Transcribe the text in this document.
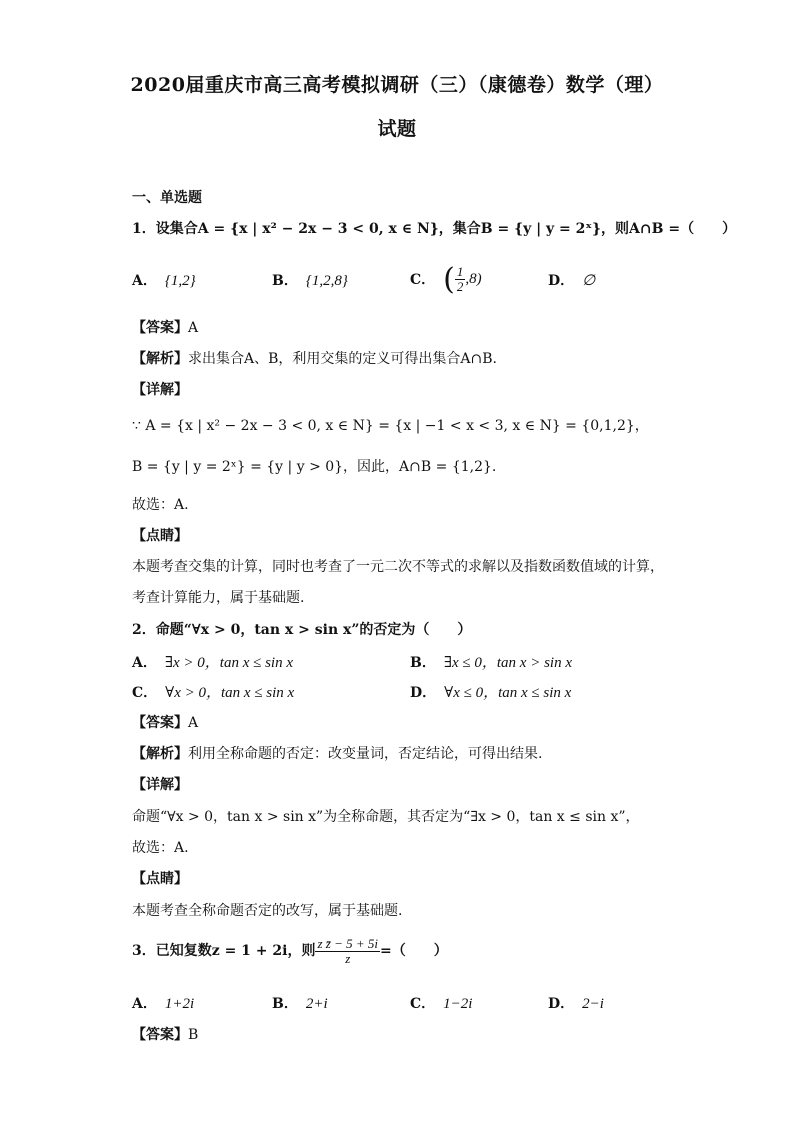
2020届重庆市高三高考模拟调研（三）（康德卷）数学（理）
试题
一、单选题
1．设集合A = {x | x² − 2x − 3 < 0, x ∈ N}，集合B = {y | y = 2ˣ}，则A∩B =（　　）
A． {1,2}	B． {1,2,8}	C． ( $\frac{1}{2} ,8$)	D． ∅
【答案】A
【解析】求出集合A、B，利用交集的定义可得出集合A∩B.
【详解】
∵ A = {x | x² − 2x − 3 < 0, x ∈ N} = {x | −1 < x < 3, x ∈ N} = {0,1,2}，
B = {y | y = 2ˣ} = {y | y > 0}，因此，A∩B = {1,2}.
故选：A.
【点睛】
本题考查交集的计算，同时也考查了一元二次不等式的求解以及指数函数值域的计算，
考查计算能力，属于基础题.
2．命题“∀x > 0，tan x > sin x”的否定为（　　）
A． ∃x > 0，tan x ≤ sin x	B． ∃x ≤ 0，tan x > sin x
C． ∀x > 0，tan x ≤ sin x	D． ∀x ≤ 0，tan x ≤ sin x
【答案】A
【解析】利用全称命题的否定：改变量词，否定结论，可得出结果.
【详解】
命题“∀x > 0，tan x > sin x”为全称命题，其否定为“∃x > 0，tan x ≤ sin x”，
故选：A.
【点睛】
本题考查全称命题否定的改写，属于基础题.
3．已知复数z = 1 + 2i，则 $\frac{\text{z z̄ − 5 + 5i}}{z}$ =（　　）
A． 1+2i	B． 2+i	C． 1−2i	D． 2−i
【答案】B
